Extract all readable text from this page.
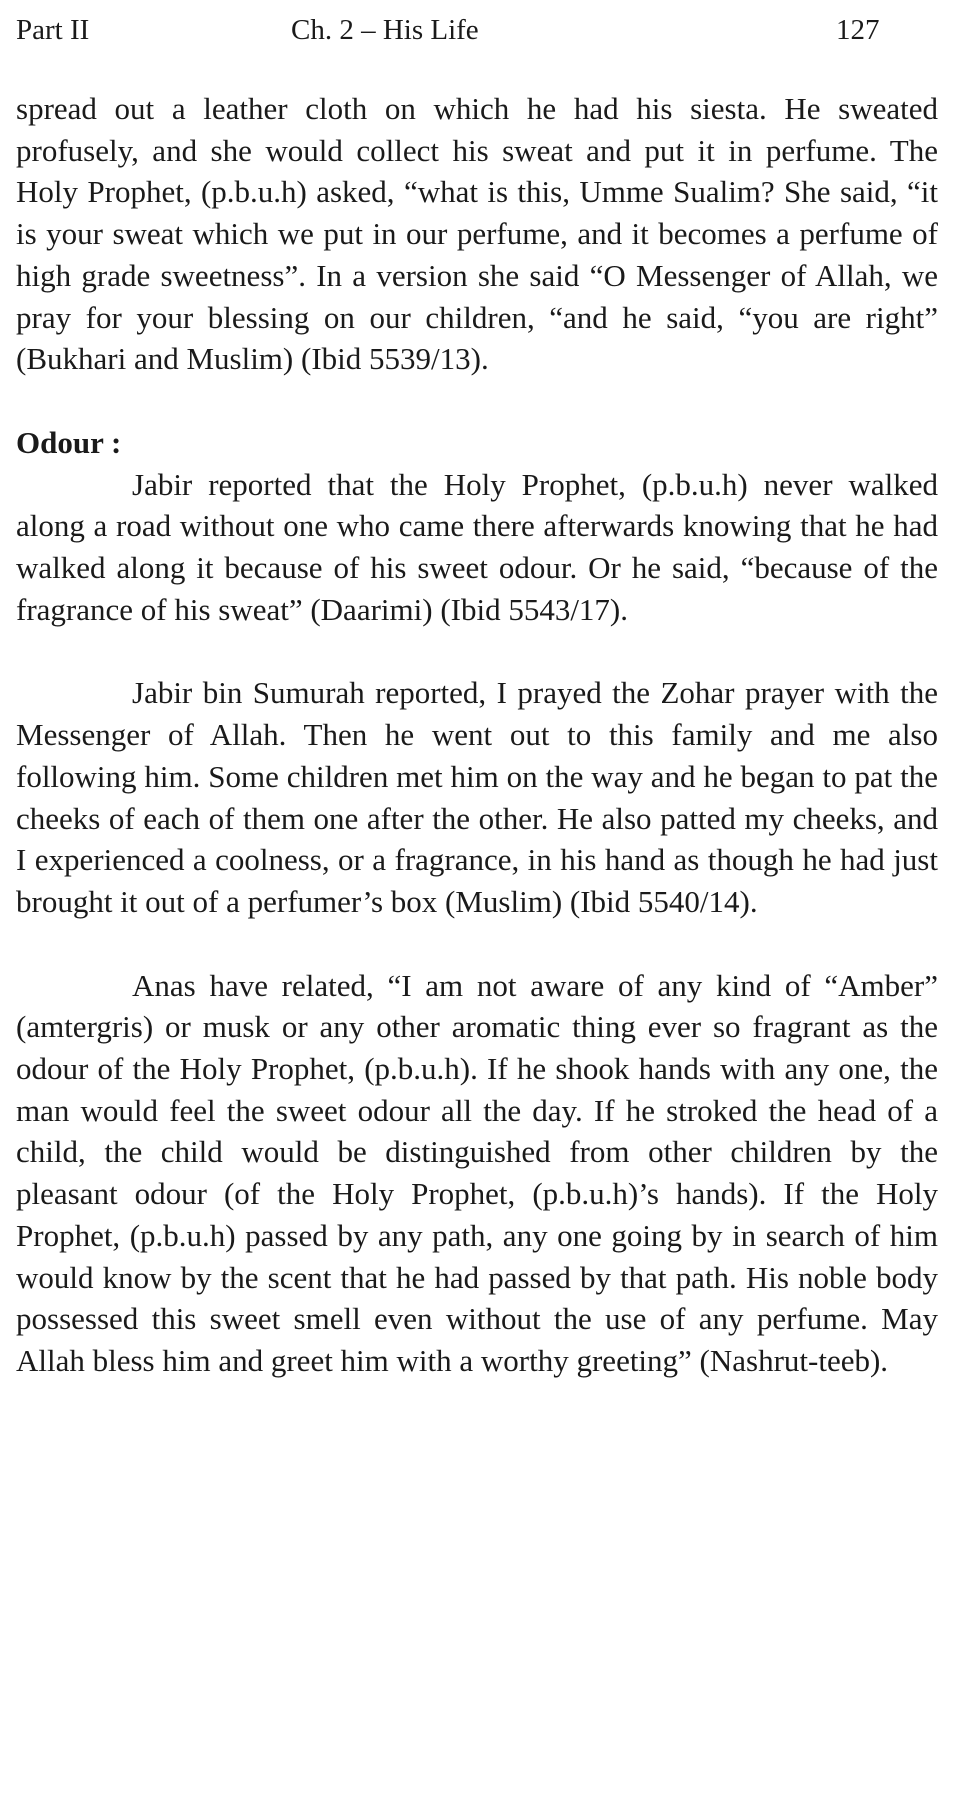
Part II	Ch. 2 – His Life	127

spread out a leather cloth on which he had his siesta. He sweated profusely, and she would collect his sweat and put it in perfume. The Holy Prophet, (p.b.u.h) asked, “what is this, Umme Sualim? She said, “it is your sweat which we put in our perfume, and it becomes a perfume of high grade sweetness”. In a version she said “O Messenger of Allah, we pray for your blessing on our children, “and he said, “you are right” (Bukhari and Muslim) (Ibid 5539/13).

Odour :

Jabir reported that the Holy Prophet, (p.b.u.h) never walked along a road without one who came there afterwards knowing that he had walked along it because of his sweet odour. Or he said, “because of the fragrance of his sweat” (Daarimi) (Ibid 5543/17).

Jabir bin Sumurah reported, I prayed the Zohar prayer with the Messenger of Allah. Then he went out to this family and me also following him. Some children met him on the way and he began to pat the cheeks of each of them one after the other. He also patted my cheeks, and I experienced a coolness, or a fragrance, in his hand as though he had just brought it out of a perfumer’s box (Muslim) (Ibid 5540/14).

Anas have related, “I am not aware of any kind of “Amber” (amtergris) or musk or any other aromatic thing ever so fragrant as the odour of the Holy Prophet, (p.b.u.h). If he shook hands with any one, the man would feel the sweet odour all the day. If he stroked the head of a child, the child would be distinguished from other children by the pleasant odour (of the Holy Prophet, (p.b.u.h)’s hands). If the Holy Prophet, (p.b.u.h) passed by any path, any one going by in search of him would know by the scent that he had passed by that path. His noble body possessed this sweet smell even without the use of any perfume. May Allah bless him and greet him with a worthy greeting” (Nashrut-teeb).
